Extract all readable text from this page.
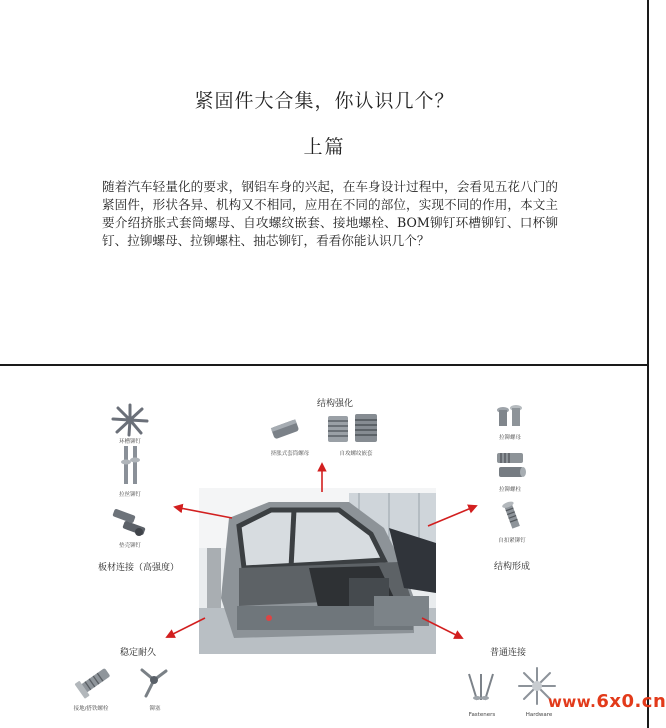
紧固件大合集，你认识几个？
上篇

随着汽车轻量化的要求，钢铝车身的兴起，在车身设计过程中，会看见五花八门的紧固件，形状各异、机构又不相同，应用在不同的部位，实现不同的作用，本文主要介绍挤胀式套筒螺母、自攻螺纹嵌套、接地螺栓、BOM铆钉环槽铆钉、口杯铆钉、拉铆螺母、拉铆螺柱、抽芯铆钉，看看你能认识几个？

结构强化
板材连接（高强度）	结构形成
稳定耐久	普通连接
环槽铆钉
拉丝铆钉
垫壳铆钉
挤胀式套筒螺母	自攻螺纹嵌套
拉铆螺母
拉铆螺柱
自扣紧铆钉
接地/搭铁螺栓	铆塞
Fasteners	Hardware
www.6x0.cn
